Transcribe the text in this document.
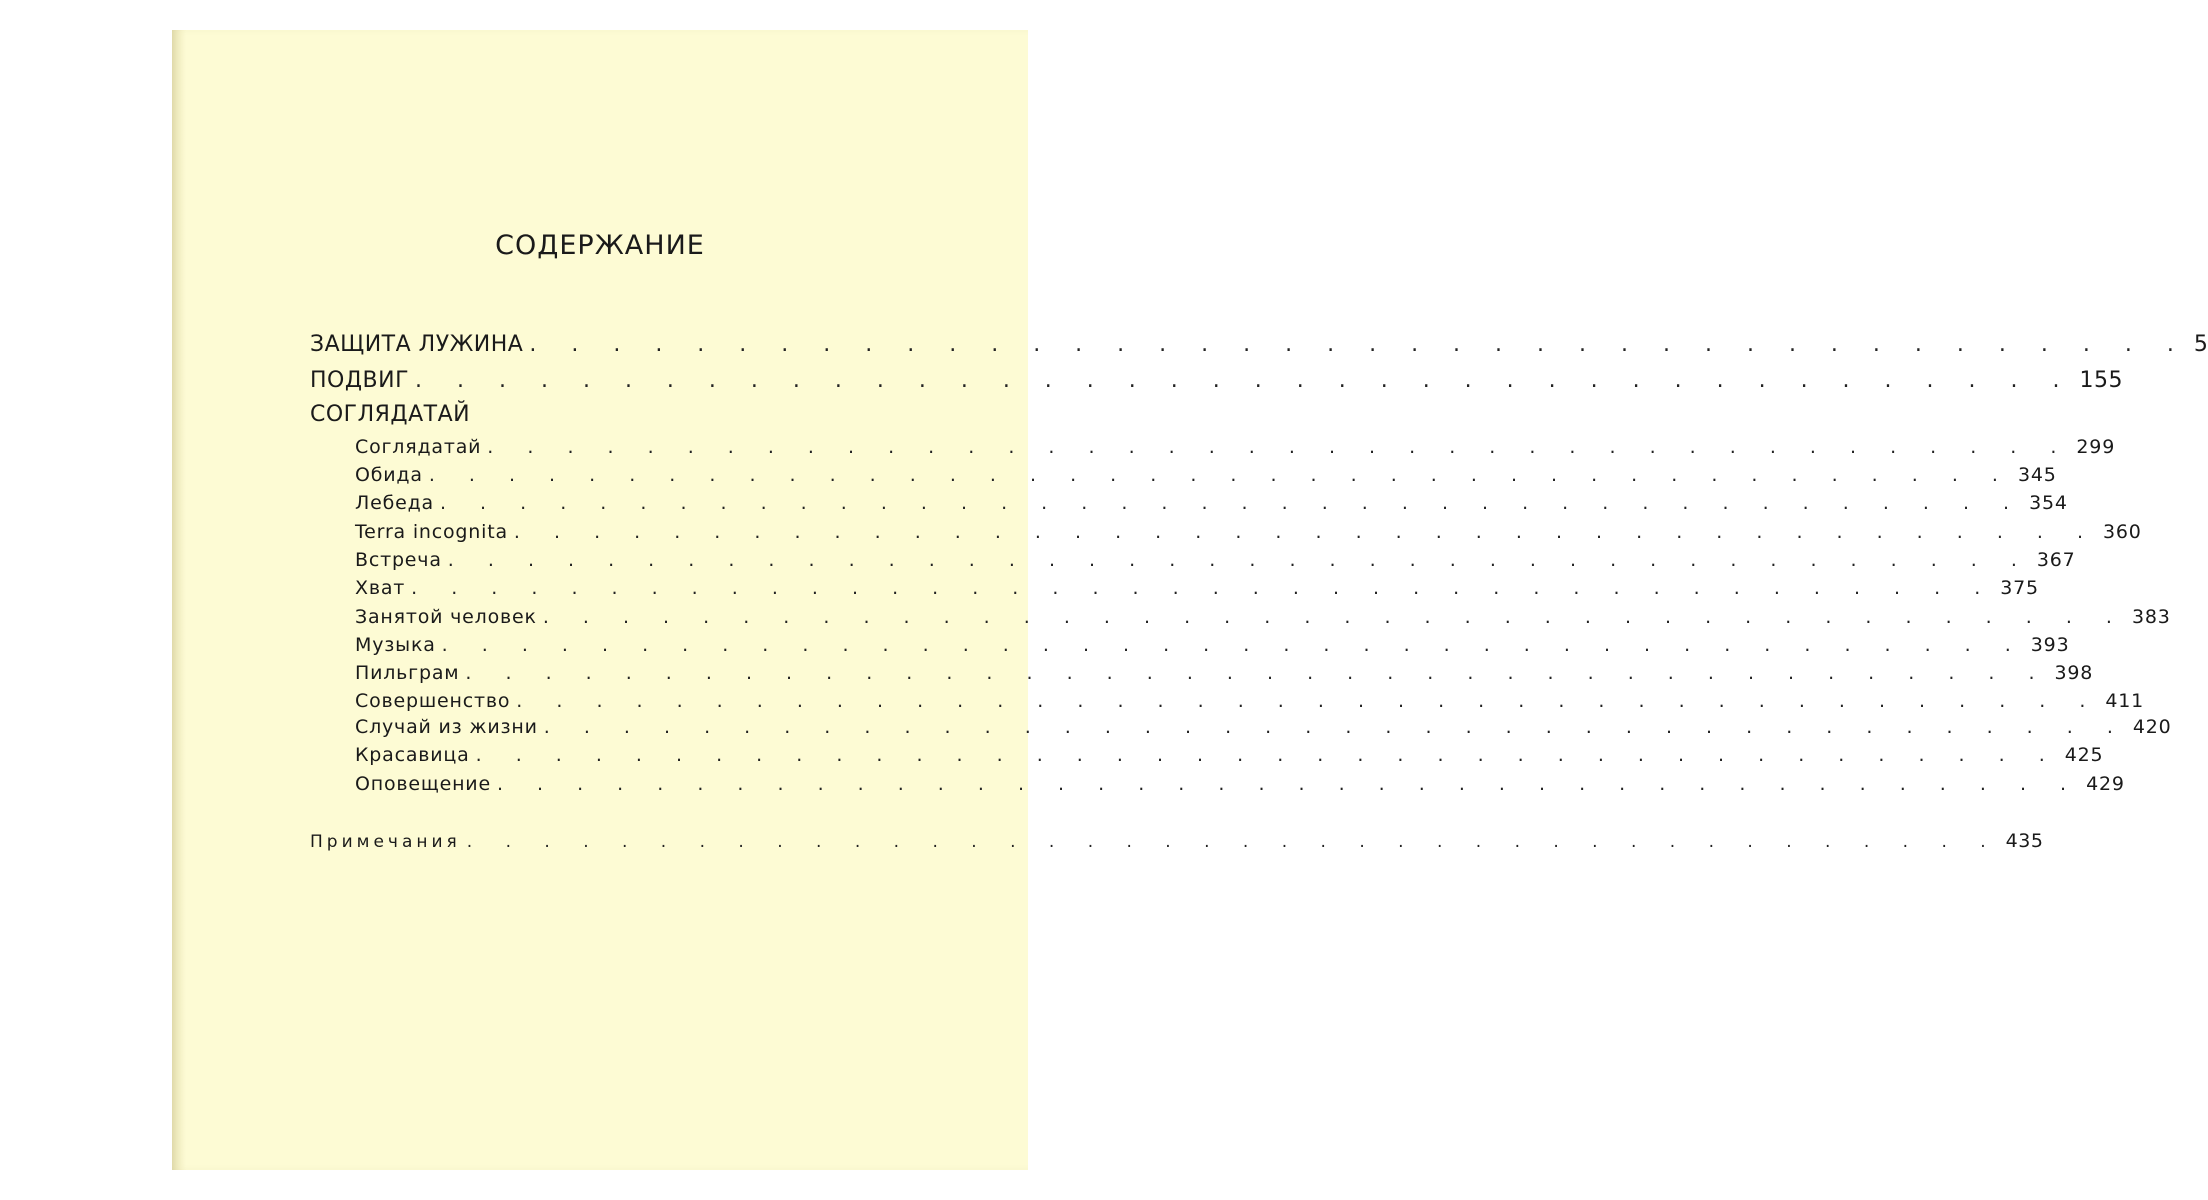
СОДЕРЖАНИЕ
ЗАЩИТА ЛУЖИНА . . . . . . . . . . . . . . . . . . . . . . . . . . . . . . . . . . . . . . . . 5
ПОДВИГ . . . . . . . . . . . . . . . . . . . . . . . . . . . . . . . . . . . . . . . . 155
СОГЛЯДАТАЙ
Соглядатай . . . . . . . . . . . . . . . . . . . . . . . . . . . . . . . . . . . . . . . . 299
Обида . . . . . . . . . . . . . . . . . . . . . . . . . . . . . . . . . . . . . . . . 345
Лебеда . . . . . . . . . . . . . . . . . . . . . . . . . . . . . . . . . . . . . . . . 354
Terra incognita . . . . . . . . . . . . . . . . . . . . . . . . . . . . . . . . . . . . . . . . 360
Встреча . . . . . . . . . . . . . . . . . . . . . . . . . . . . . . . . . . . . . . . . 367
Хват . . . . . . . . . . . . . . . . . . . . . . . . . . . . . . . . . . . . . . . . 375
Занятой человек . . . . . . . . . . . . . . . . . . . . . . . . . . . . . . . . . . . . . . . . 383
Музыка . . . . . . . . . . . . . . . . . . . . . . . . . . . . . . . . . . . . . . . . 393
Пильграм . . . . . . . . . . . . . . . . . . . . . . . . . . . . . . . . . . . . . . . . 398
Совершенство . . . . . . . . . . . . . . . . . . . . . . . . . . . . . . . . . . . . . . . . 411
Случай из жизни . . . . . . . . . . . . . . . . . . . . . . . . . . . . . . . . . . . . . . . . 420
Красавица . . . . . . . . . . . . . . . . . . . . . . . . . . . . . . . . . . . . . . . . 425
Оповещение . . . . . . . . . . . . . . . . . . . . . . . . . . . . . . . . . . . . . . . . 429
Примечания . . . . . . . . . . . . . . . . . . . . . . . . . . . . . . . . . . . . . . . . 435
